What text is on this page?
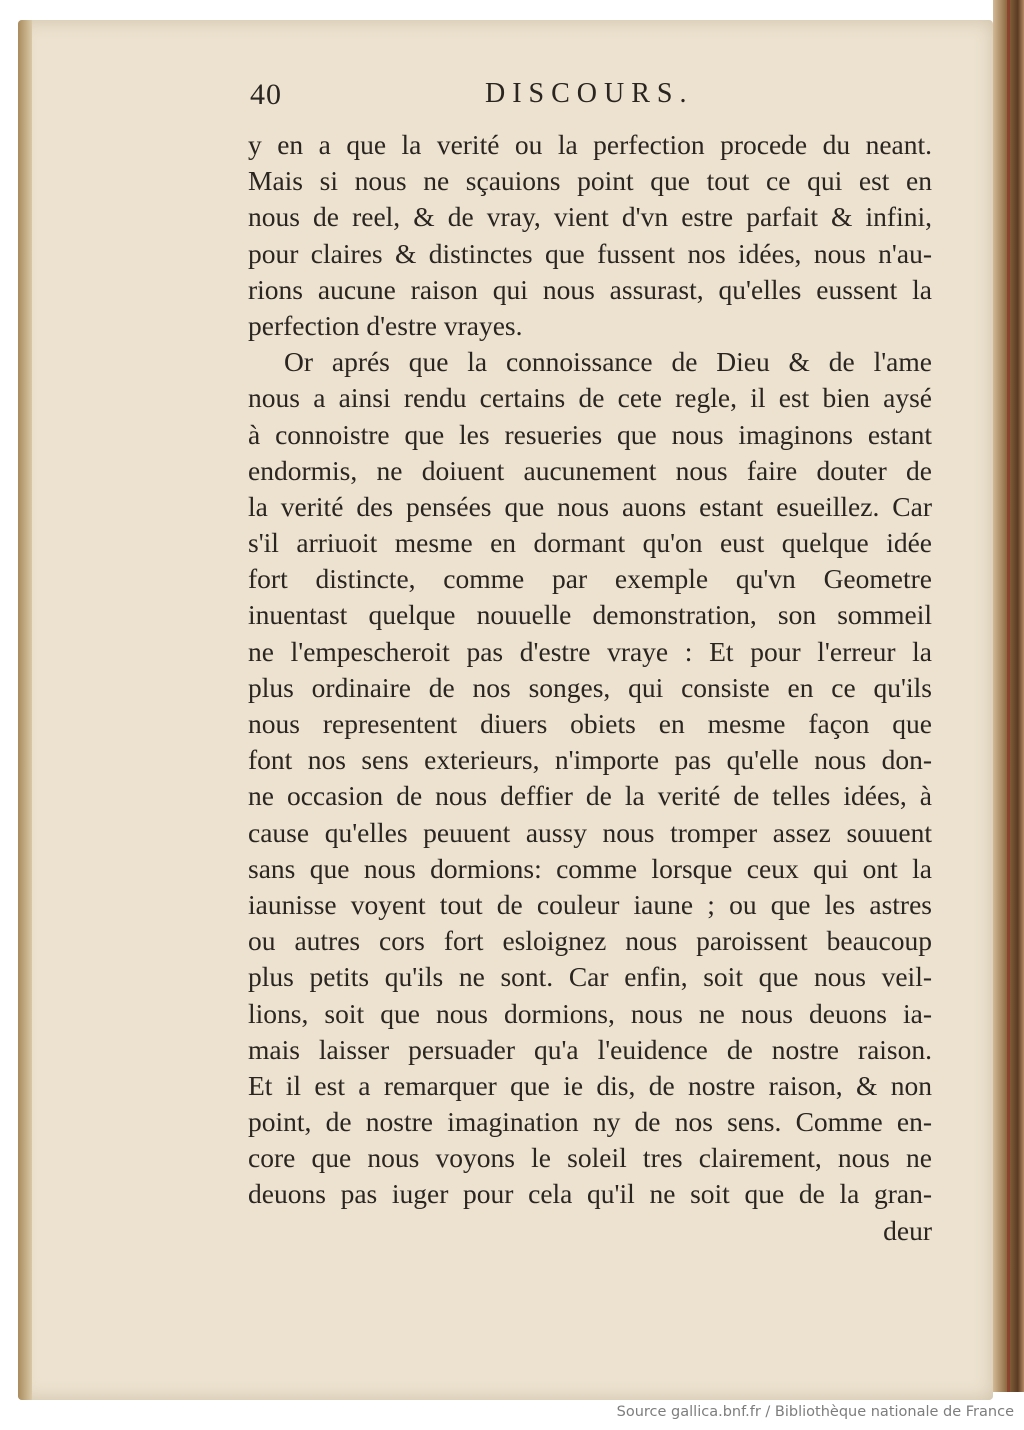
40	DISCOURS.
y en a que la verité ou la perfection procede du neant.
Mais si nous ne sçauions point que tout ce qui est en
nous de reel, & de vray, vient d'vn estre parfait & infini,
pour claires & distinctes que fussent nos idées, nous n'au-
rions aucune raison qui nous assurast, qu'elles eussent la
perfection d'estre vrayes.
Or aprés que la connoissance de Dieu & de l'ame
nous a ainsi rendu certains de cete regle, il est bien aysé
à connoistre que les resueries que nous imaginons estant
endormis, ne doiuent aucunement nous faire douter de
la verité des pensées que nous auons estant esueillez. Car
s'il arriuoit mesme en dormant qu'on eust quelque idée
fort distincte, comme par exemple qu'vn Geometre
inuentast quelque nouuelle demonstration, son sommeil
ne l'empescheroit pas d'estre vraye : Et pour l'erreur la
plus ordinaire de nos songes, qui consiste en ce qu'ils
nous representent diuers obiets en mesme façon que
font nos sens exterieurs, n'importe pas qu'elle nous don-
ne occasion de nous deffier de la verité de telles idées, à
cause qu'elles peuuent aussy nous tromper assez souuent
sans que nous dormions: comme lorsque ceux qui ont la
iaunisse voyent tout de couleur iaune ; ou que les astres
ou autres cors fort esloignez nous paroissent beaucoup
plus petits qu'ils ne sont. Car enfin, soit que nous veil-
lions, soit que nous dormions, nous ne nous deuons ia-
mais laisser persuader qu'a l'euidence de nostre raison.
Et il est a remarquer que ie dis, de nostre raison, & non
point, de nostre imagination ny de nos sens. Comme en-
core que nous voyons le soleil tres clairement, nous ne
deuons pas iuger pour cela qu'il ne soit que de la gran-
deur
Source gallica.bnf.fr / Bibliothèque nationale de France
